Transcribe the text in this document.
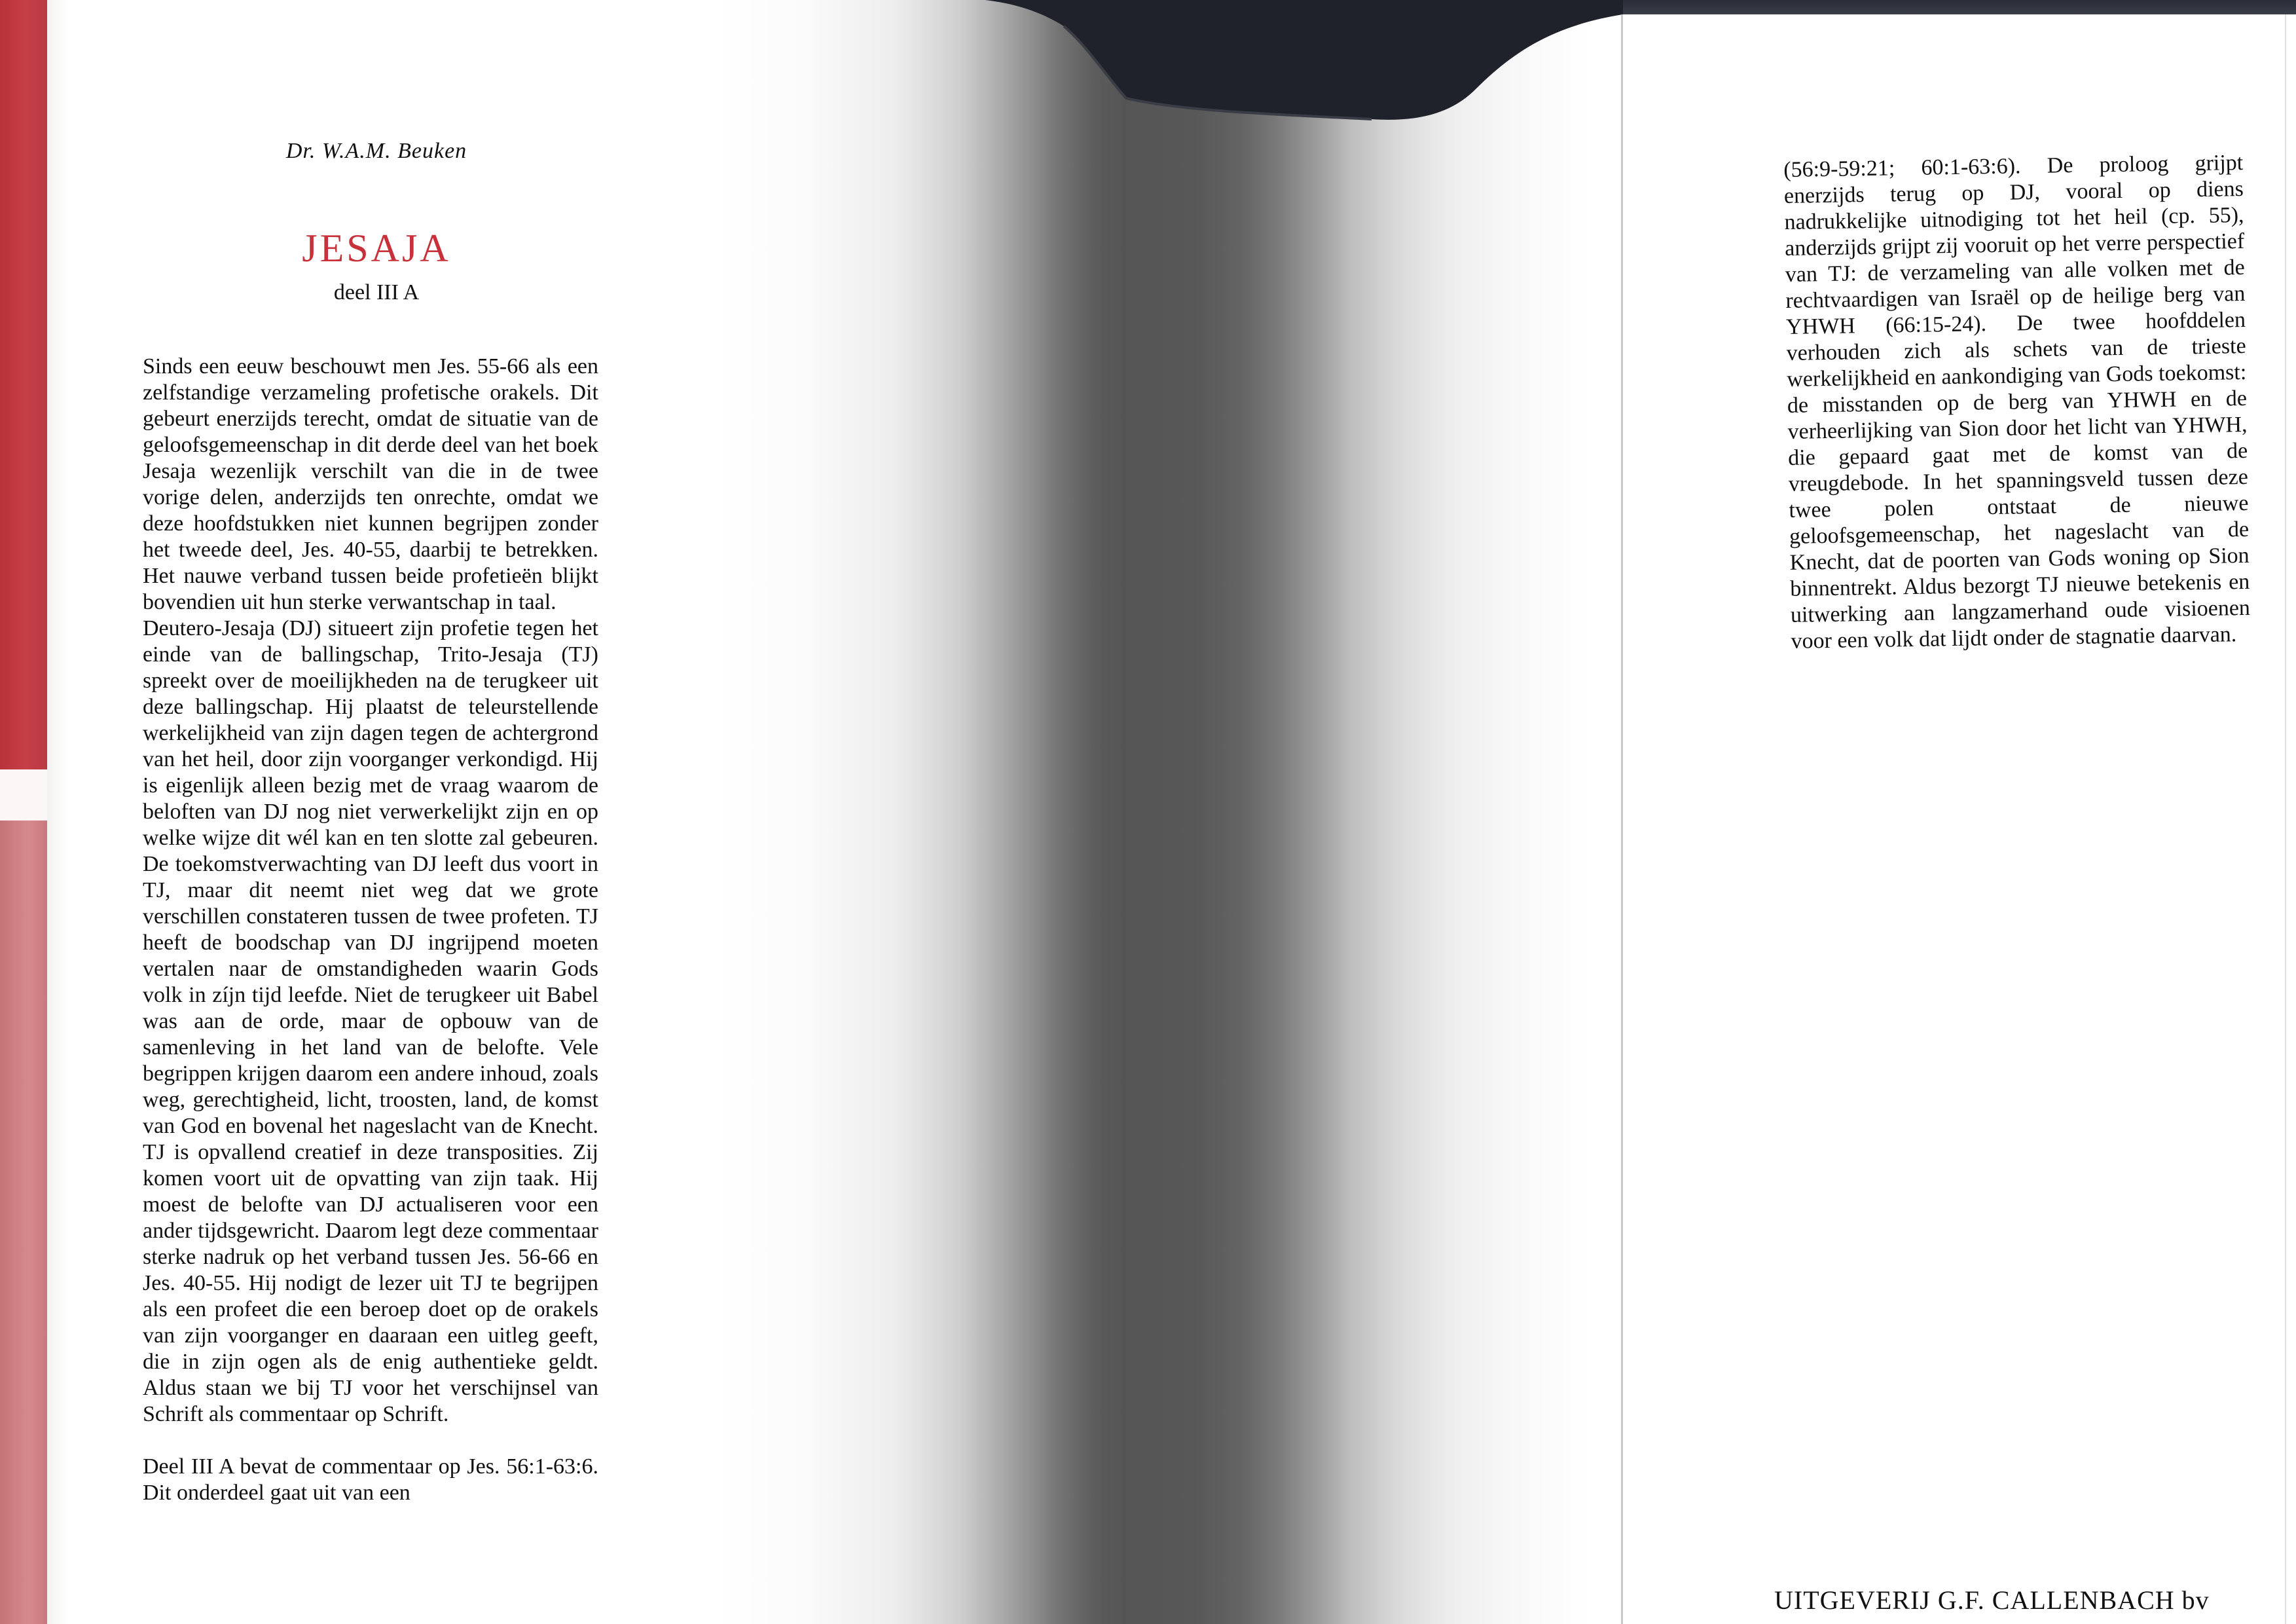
Dr. W.A.M. Beuken

JESAJA

deel III A

Sinds een eeuw beschouwt men Jes. 55-66 als een zelfstandige verzameling profetische orakels. Dit gebeurt enerzijds terecht, omdat de situatie van de geloofsgemeenschap in dit derde deel van het boek Jesaja wezenlijk verschilt van die in de twee vorige delen, anderzijds ten onrechte, omdat we deze hoofdstukken niet kunnen begrijpen zonder het tweede deel, Jes. 40-55, daarbij te betrekken. Het nauwe verband tussen beide profetieën blijkt bovendien uit hun sterke verwantschap in taal.

Deutero-Jesaja (DJ) situeert zijn profetie tegen het einde van de ballingschap, Trito-Jesaja (TJ) spreekt over de moeilijkheden na de terugkeer uit deze ballingschap. Hij plaatst de teleurstellende werkelijkheid van zijn dagen tegen de achtergrond van het heil, door zijn voorganger verkondigd. Hij is eigenlijk alleen bezig met de vraag waarom de beloften van DJ nog niet verwerkelijkt zijn en op welke wijze dit wél kan en ten slotte zal gebeuren. De toekomstverwachting van DJ leeft dus voort in TJ, maar dit neemt niet weg dat we grote verschillen constateren tussen de twee profeten. TJ heeft de boodschap van DJ ingrijpend moeten vertalen naar de omstandigheden waarin Gods volk in zíjn tijd leefde. Niet de terugkeer uit Babel was aan de orde, maar de opbouw van de samenleving in het land van de belofte. Vele begrippen krijgen daarom een andere inhoud, zoals weg, gerechtigheid, licht, troosten, land, de komst van God en bovenal het nageslacht van de Knecht. TJ is opvallend creatief in deze transposities. Zij komen voort uit de opvatting van zijn taak. Hij moest de belofte van DJ actualiseren voor een ander tijdsgewricht. Daarom legt deze commentaar sterke nadruk op het verband tussen Jes. 56-66 en Jes. 40-55. Hij nodigt de lezer uit TJ te begrijpen als een profeet die een beroep doet op de orakels van zijn voorganger en daaraan een uitleg geeft, die in zijn ogen als de enig authentieke geldt. Aldus staan we bij TJ voor het verschijnsel van Schrift als commentaar op Schrift.

Deel III A bevat de commentaar op Jes. 56:1-63:6. Dit onderdeel gaat uit van een

(56:9-59:21; 60:1-63:6). De proloog grijpt enerzijds terug op DJ, vooral op diens nadrukkelijke uitnodiging tot het heil (cp. 55), anderzijds grijpt zij vooruit op het verre perspectief van TJ: de verzameling van alle volken met de rechtvaardigen van Israël op de heilige berg van YHWH (66:15-24). De twee hoofddelen verhouden zich als schets van de trieste werkelijkheid en aankondiging van Gods toekomst: de misstanden op de berg van YHWH en de verheerlijking van Sion door het licht van YHWH, die gepaard gaat met de komst van de vreugdebode. In het spanningsveld tussen deze twee polen ontstaat de nieuwe geloofsgemeenschap, het nageslacht van de Knecht, dat de poorten van Gods woning op Sion binnentrekt. Aldus bezorgt TJ nieuwe betekenis en uitwerking aan langzamerhand oude visioenen voor een volk dat lijdt onder de stagnatie daarvan.

UITGEVERIJ G.F. CALLENBACH bv
